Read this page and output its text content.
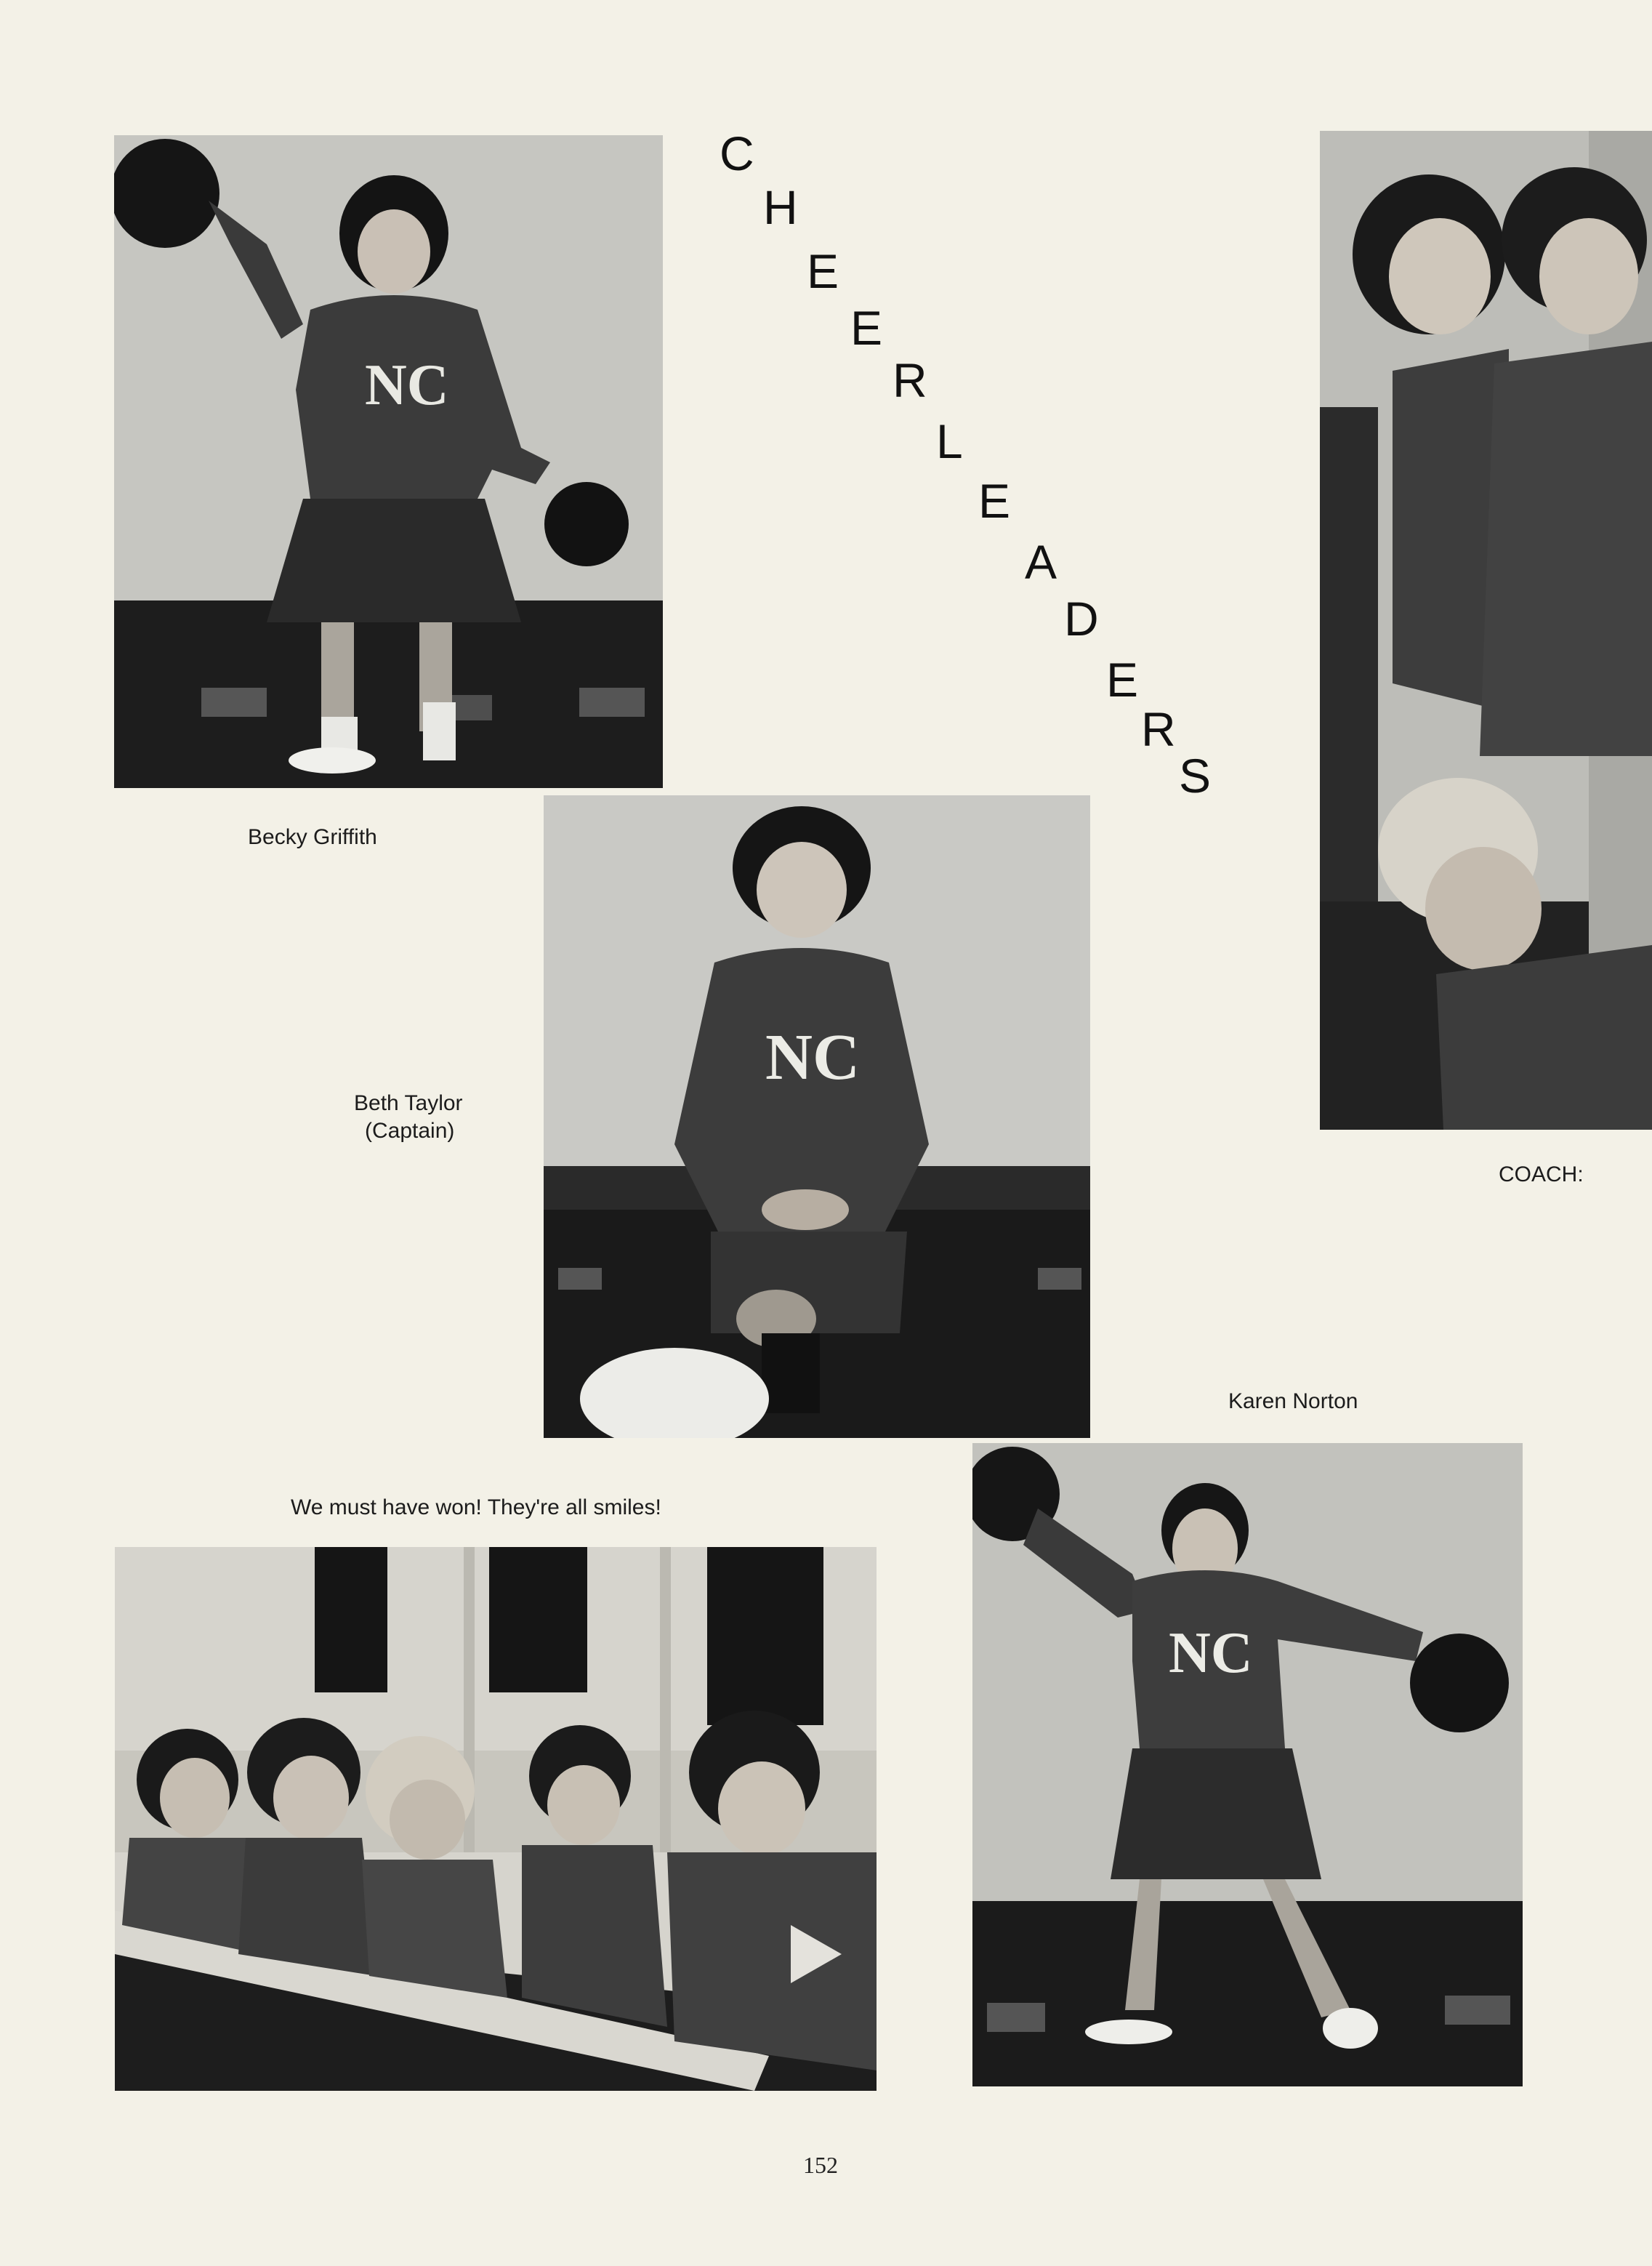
C
H
E
E
R
L
E
A
D
E
R
S
NC
Becky Griffith
NC
Beth Taylor
(Captain)
COACH:
NC
Karen Norton
We must have won! They're all smiles!
152
